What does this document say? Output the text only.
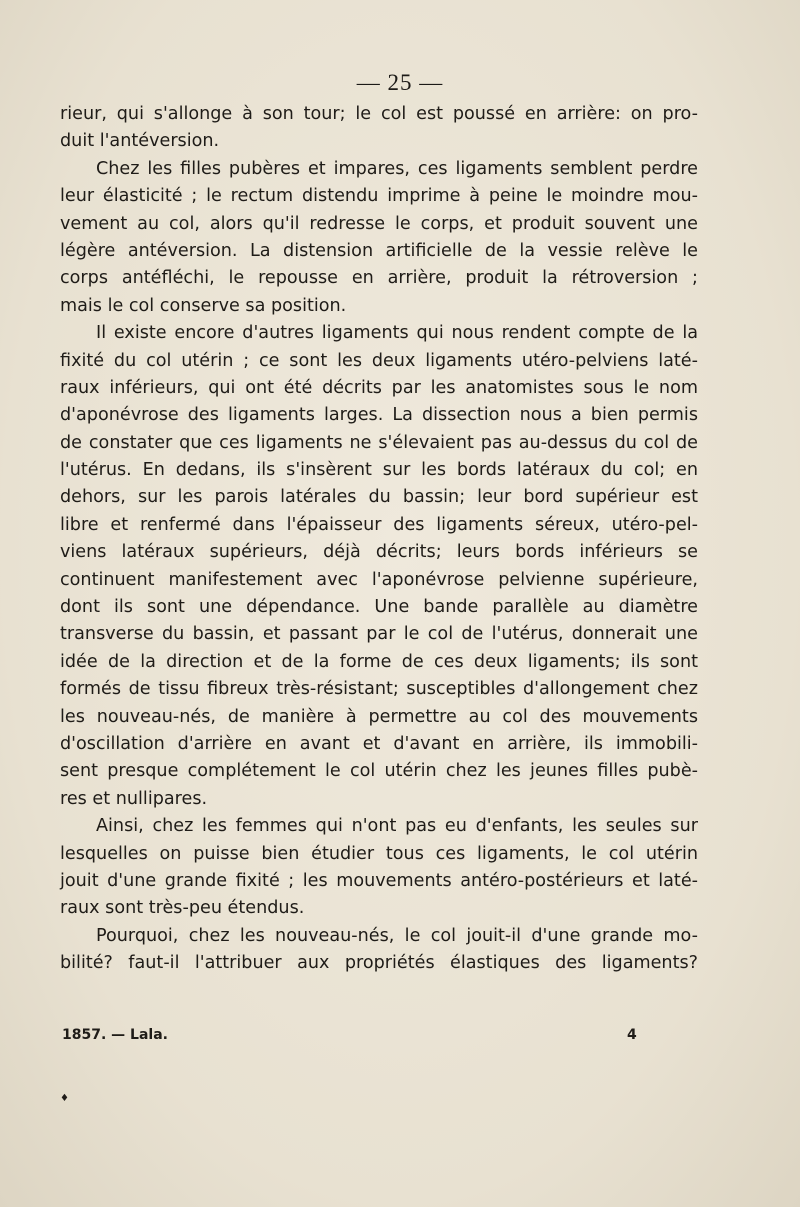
— 25 —
rieur, qui s'allonge à son tour; le col est poussé en arrière: on pro-
duit l'antéversion.
Chez les filles pubères et impares, ces ligaments semblent perdre
leur élasticité ; le rectum distendu imprime à peine le moindre mou-
vement au col, alors qu'il redresse le corps, et produit souvent une
légère antéversion. La distension artificielle de la vessie relève le
corps antéfléchi, le repousse en arrière, produit la rétroversion ;
mais le col conserve sa position.
Il existe encore d'autres ligaments qui nous rendent compte de la
fixité du col utérin ; ce sont les deux ligaments utéro-pelviens laté-
raux inférieurs, qui ont été décrits par les anatomistes sous le nom
d'aponévrose des ligaments larges. La dissection nous a bien permis
de constater que ces ligaments ne s'élevaient pas au-dessus du col de
l'utérus. En dedans, ils s'insèrent sur les bords latéraux du col; en
dehors, sur les parois latérales du bassin; leur bord supérieur est
libre et renfermé dans l'épaisseur des ligaments séreux, utéro-pel-
viens latéraux supérieurs, déjà décrits; leurs bords inférieurs se
continuent manifestement avec l'aponévrose pelvienne supérieure,
dont ils sont une dépendance. Une bande parallèle au diamètre
transverse du bassin, et passant par le col de l'utérus, donnerait une
idée de la direction et de la forme de ces deux ligaments; ils sont
formés de tissu fibreux très-résistant; susceptibles d'allongement chez
les nouveau-nés, de manière à permettre au col des mouvements
d'oscillation d'arrière en avant et d'avant en arrière, ils immobili-
sent presque complétement le col utérin chez les jeunes filles pubè-
res et nullipares.
Ainsi, chez les femmes qui n'ont pas eu d'enfants, les seules sur
lesquelles on puisse bien étudier tous ces ligaments, le col utérin
jouit d'une grande fixité ; les mouvements antéro-postérieurs et laté-
raux sont très-peu étendus.
Pourquoi, chez les nouveau-nés, le col jouit-il d'une grande mo-
bilité? faut-il l'attribuer aux propriétés élastiques des ligaments?
1857. — Lala.	4
♦
